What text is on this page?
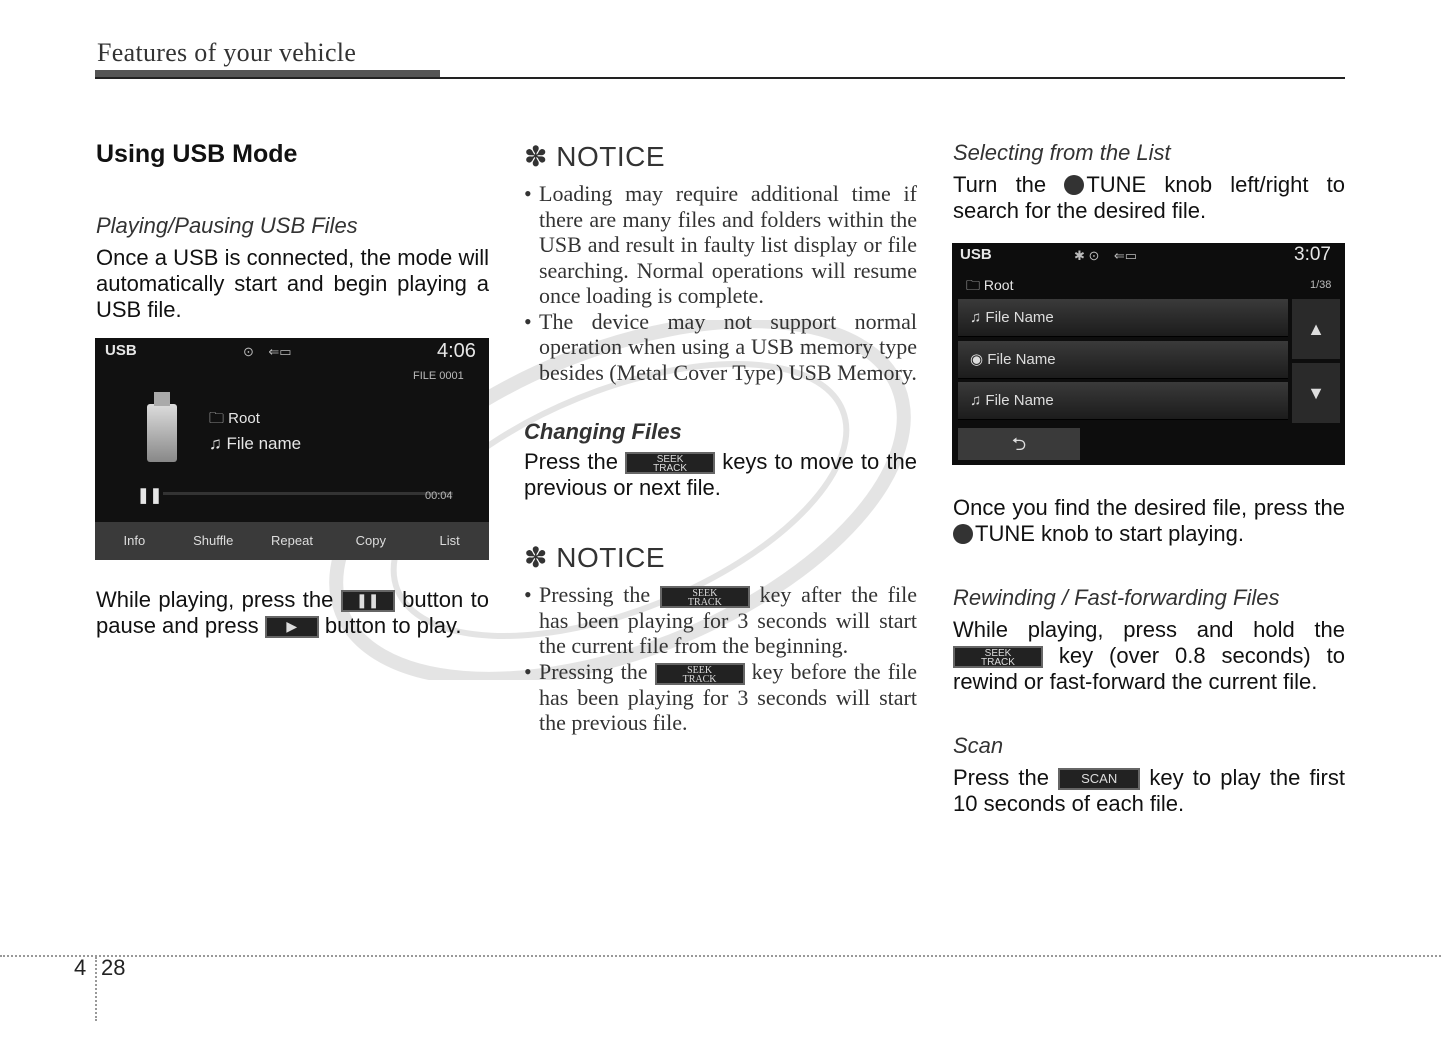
Features of your vehicle
Using USB Mode
Playing/Pausing USB Files

Once a USB is connected, the mode will automatically start and begin playing a USB file.

USB	⊙    ⇐▭	4:06
FILE 0001
🗀 Root
♫ File name
❚❚	00:04
Info	Shuffle	Repeat	Copy	List

While playing, press the ❚❚ button to pause and press ▶ button to play.

✽ NOTICE
• Loading may require additional time if there are many files and folders within the USB and result in faulty list display or file searching. Normal operations will resume once loading is complete.
• The device may not support normal operation when using a USB memory type besides (Metal Cover Type) USB Memory.
Changing Files

Press the	SEEK
TRACK	keys to move to the previous or next file.

✽ NOTICE
• Pressing the	SEEK
TRACK	key after the file has been playing for 3 seconds will start the current file from the beginning.
• Pressing the	SEEK
TRACK	key before the file has been playing for 3 seconds will start the previous file.
Selecting from the List

Turn the TUNE knob left/right to search for the desired file.

USB	✱ ⊙    ⇐▭	3:07
🗀 Root	1/38
♫ File Name
◉ File Name
♫ File Name
▲
▼
⮌

Once you find the desired file, press the TUNE knob to start playing.

Rewinding / Fast-forwarding Files

While playing, press and hold the
SEEK
TRACK	key (over 0.8 seconds) to rewind or fast-forward the current file.

Scan

Press the SCAN key to play the first 10 seconds of each file.

4 28
